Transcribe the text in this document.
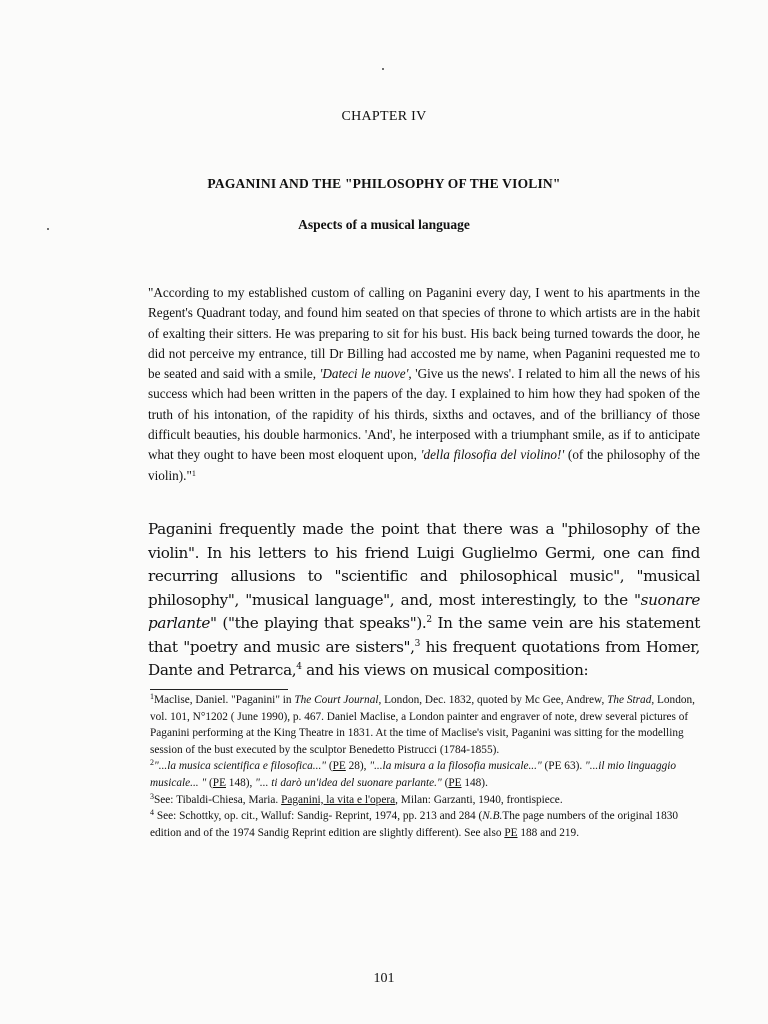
CHAPTER IV
PAGANINI AND THE "PHILOSOPHY OF THE VIOLIN"
Aspects of a musical language

"According to my established custom of calling on Paganini every day, I went to his apartments in the Regent's Quadrant today, and found him seated on that species of throne to which artists are in the habit of exalting their sitters. He was preparing to sit for his bust. His back being turned towards the door, he did not perceive my entrance, till Dr Billing had accosted me by name, when Paganini requested me to be seated and said with a smile, 'Dateci le nuove', 'Give us the news'. I related to him all the news of his success which had been written in the papers of the day. I explained to him how they had spoken of the truth of his intonation, of the rapidity of his thirds, sixths and octaves, and of the brilliancy of those difficult beauties, his double harmonics. 'And', he interposed with a triumphant smile, as if to anticipate what they ought to have been most eloquent upon, 'della filosofia del violino!' (of the philosophy of the violin)."$^1$

Paganini frequently made the point that there was a "philosophy of the violin". In his letters to his friend Luigi Guglielmo Germi, one can find recurring allusions to "scientific and philosophical music", "musical philosophy", "musical language", and, most interestingly, to the "suonare parlante" ("the playing that speaks").$^2$ In the same vein are his statement that "poetry and music are sisters",$^3$ his frequent quotations from Homer, Dante and Petrarca,$^4$ and his views on musical composition:

$^1$Maclise, Daniel. "Paganini" in The Court Journal, London, Dec. 1832, quoted by Mc Gee, Andrew, The Strad, London, vol. 101, N°1202 ( June 1990), p. 467. Daniel Maclise, a London painter and engraver of note, drew several pictures of Paganini performing at the King Theatre in 1831. At the time of Maclise's visit, Paganini was sitting for the modelling session of the bust executed by the sculptor Benedetto Pistrucci (1784-1855).

$^2$"...la musica scientifica e filosofica..." (PE 28), "...la misura a la filosofia musicale..." (PE 63). "...il mio linguaggio musicale... " (PE 148), "... ti darò un'idea del suonare parlante." (PE 148).

$^3$See: Tibaldi-Chiesa, Maria. Paganini, la vita e l'opera, Milan: Garzanti, 1940, frontispiece.

$^4$ See: Schottky, op. cit., Walluf: Sandig- Reprint, 1974, pp. 213 and 284 (N.B.The page numbers of the original 1830 edition and of the 1974 Sandig Reprint edition are slightly different). See also PE 188 and 219.

101
